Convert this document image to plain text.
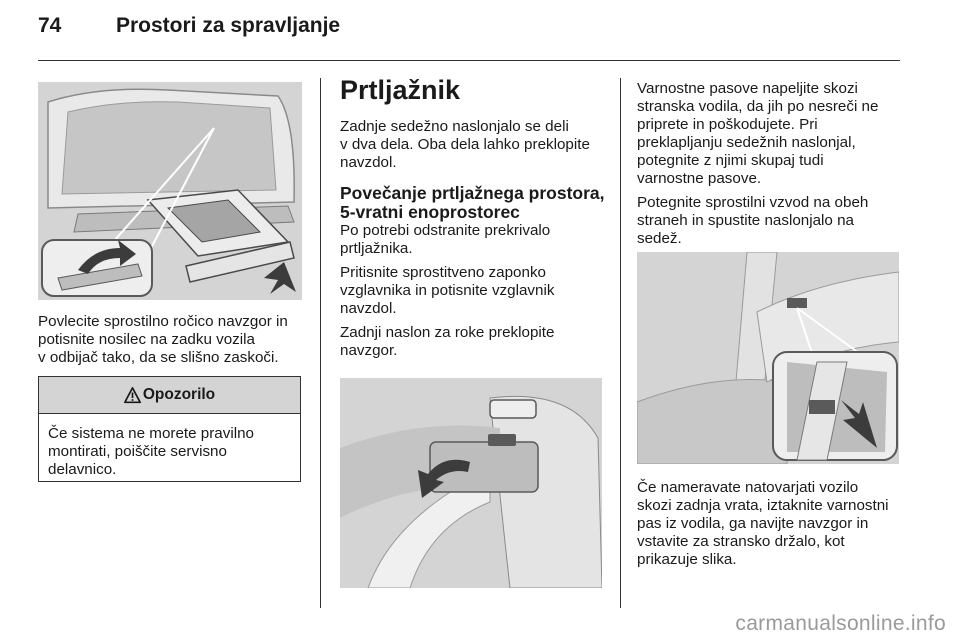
74	Prostori za spravljanje

Povlecite sprostilno ročico navzgor in

potisnite nosilec na zadku vozila

v odbijač tako, da se slišno zaskoči.

Opozorilo
Če sistema ne morete pravilno
montirati, poiščite servisno
delavnico.
Prtljažnik
Zadnje sedežno naslonjalo se deli
v dva dela. Oba dela lahko preklopite
navzdol.
Povečanje prtljažnega prostora,
5-vratni enoprostorec
Po potrebi odstranite prekrivalo
prtljažnika.
Pritisnite sprostitveno zaponko
vzglavnika in potisnite vzglavnik
navzdol.
Zadnji naslon za roke preklopite
navzgor.
Varnostne pasove napeljite skozi
stranska vodila, da jih po nesreči ne
priprete in poškodujete. Pri
preklapljanju sedežnih naslonjal,
potegnite z njimi skupaj tudi
varnostne pasove.
Potegnite sprostilni vzvod na obeh
straneh in spustite naslonjalo na
sedež.
Če nameravate natovarjati vozilo
skozi zadnja vrata, iztaknite varnostni
pas iz vodila, ga navijte navzgor in
vstavite za stransko držalo, kot
prikazuje slika.
carmanualsonline.info
